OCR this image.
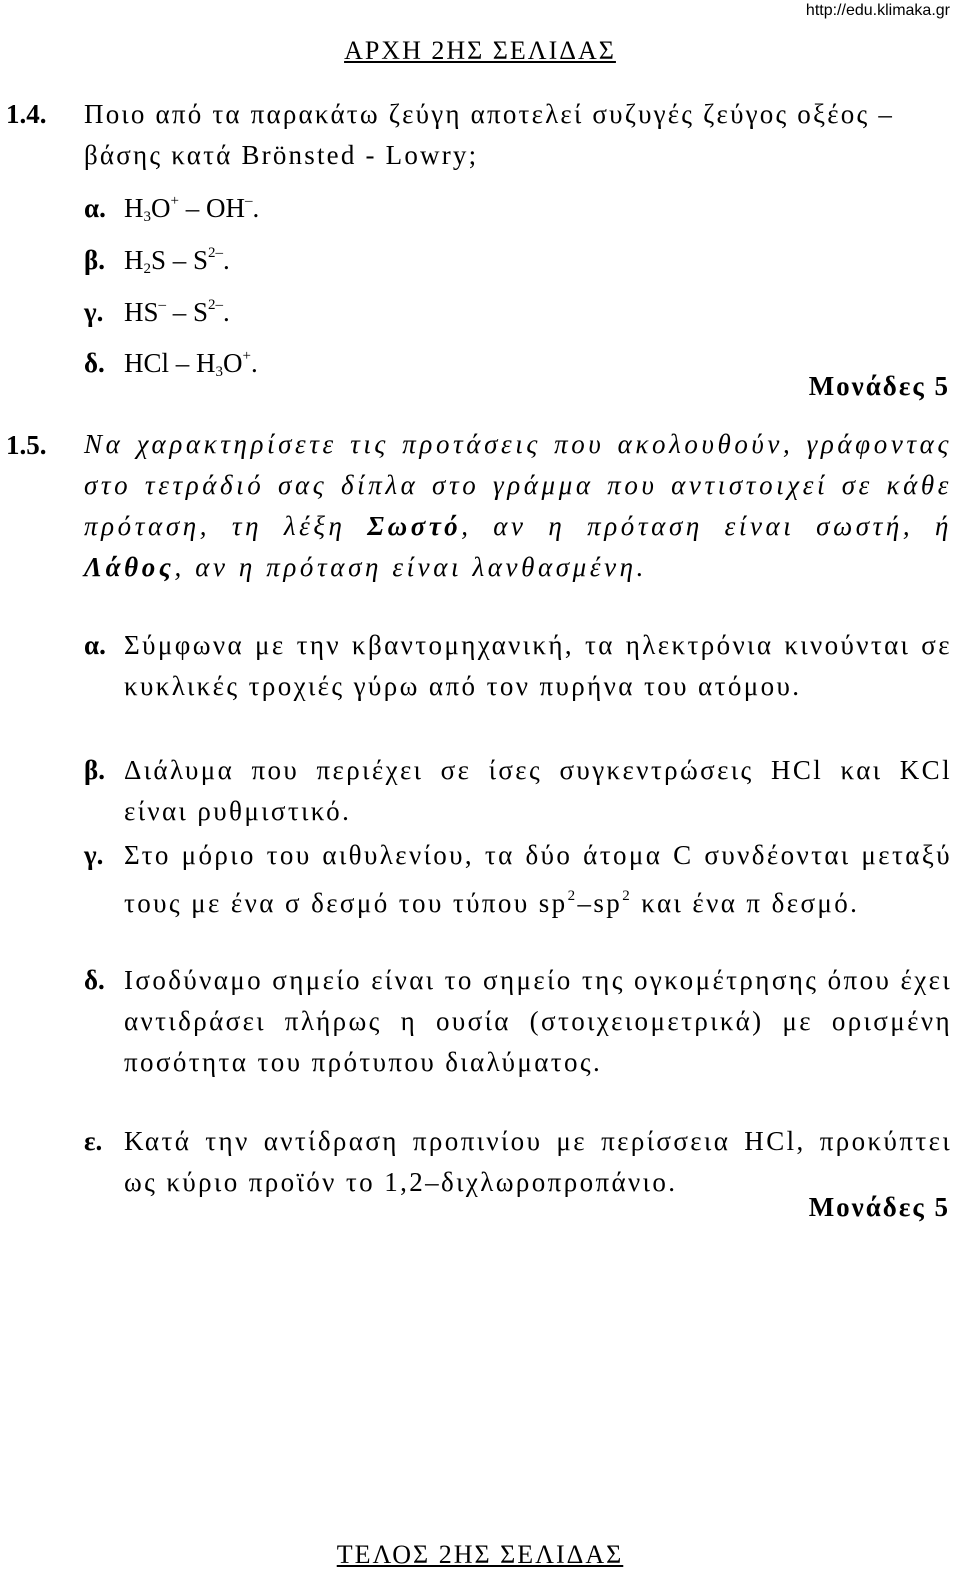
http://edu.klimaka.gr
ΑΡΧΗ 2ΗΣ ΣΕΛΙΔΑΣ
1.4. Ποιο από τα παρακάτω ζεύγη αποτελεί συζυγές ζεύγος οξέος – βάσης κατά Brönsted - Lowry;
α. $H_3O^+ - OH^-$.
β. $H_2S - S^{2-}$.
γ. $HS^- - S^{2-}$.
δ. HCl – $H_3O^+$.
Μονάδες 5
1.5. Να χαρακτηρίσετε τις προτάσεις που ακολουθούν, γράφοντας στο τετράδιό σας δίπλα στο γράμμα που αντιστοιχεί σε κάθε πρόταση, τη λέξη Σωστό, αν η πρόταση είναι σωστή, ή Λάθος, αν η πρόταση είναι λανθασμένη.
α. Σύμφωνα με την κβαντομηχανική, τα ηλεκτρόνια κινούνται σε κυκλικές τροχιές γύρω από τον πυρήνα του ατόμου.
β. Διάλυμα που περιέχει σε ίσες συγκεντρώσεις HCl και KCl είναι ρυθμιστικό.
γ. Στο μόριο του αιθυλενίου, τα δύο άτομα C συνδέονται μεταξύ τους με ένα σ δεσμό του τύπου $sp^2-sp^2$ και ένα π δεσμό.
δ. Ισοδύναμο σημείο είναι το σημείο της ογκομέτρησης όπου έχει αντιδράσει πλήρως η ουσία (στοιχειομετρικά) με ορισμένη ποσότητα του πρότυπου διαλύματος.
ε. Κατά την αντίδραση προπινίου με περίσσεια HCl, προκύπτει ως κύριο προϊόν το 1,2–διχλωροπροπάνιο.
Μονάδες 5
ΤΕΛΟΣ 2ΗΣ ΣΕΛΙΔΑΣ
